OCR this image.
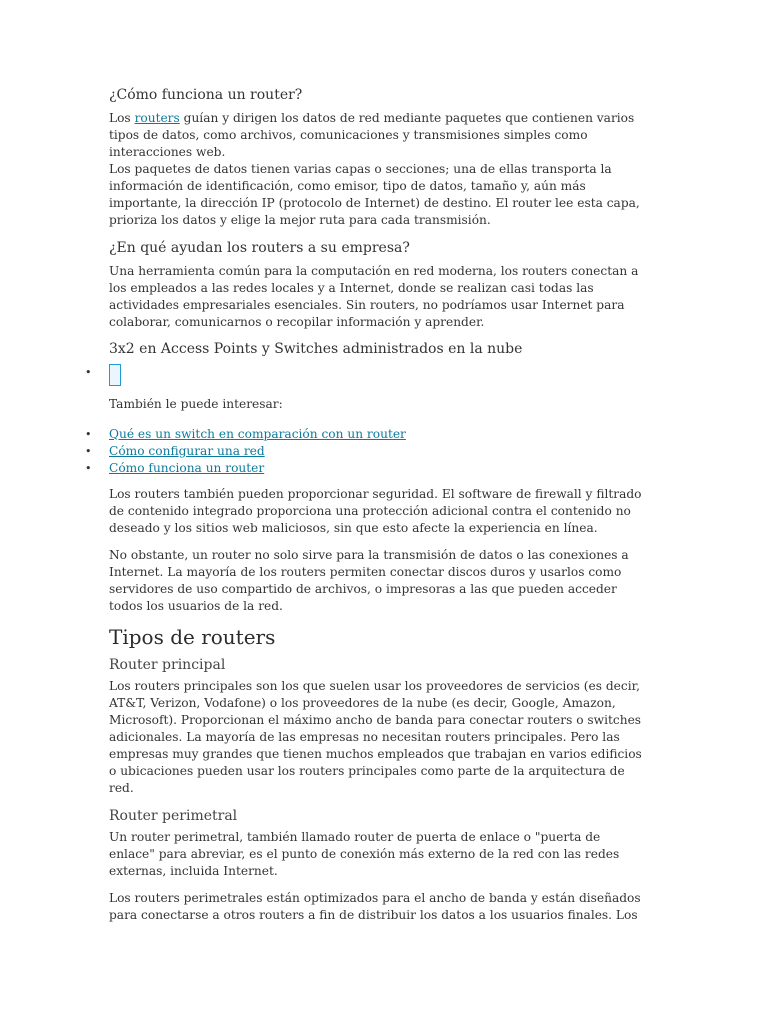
¿Cómo funciona un router?

Los routers guían y dirigen los datos de red mediante paquetes que contienen varios tipos de datos, como archivos, comunicaciones y transmisiones simples como interacciones web.

Los paquetes de datos tienen varias capas o secciones; una de ellas transporta la información de identificación, como emisor, tipo de datos, tamaño y, aún más importante, la dirección IP (protocolo de Internet) de destino. El router lee esta capa, prioriza los datos y elige la mejor ruta para cada transmisión.

¿En qué ayudan los routers a su empresa?

Una herramienta común para la computación en red moderna, los routers conectan a los empleados a las redes locales y a Internet, donde se realizan casi todas las actividades empresariales esenciales. Sin routers, no podríamos usar Internet para colaborar, comunicarnos o recopilar información y aprender.

3x2 en Access Points y Switches administrados en la nube
•

También le puede interesar:

• Qué es un switch en comparación con un router
• Cómo configurar una red
• Cómo funciona un router

Los routers también pueden proporcionar seguridad. El software de firewall y filtrado de contenido integrado proporciona una protección adicional contra el contenido no deseado y los sitios web maliciosos, sin que esto afecte la experiencia en línea.

No obstante, un router no solo sirve para la transmisión de datos o las conexiones a Internet. La mayoría de los routers permiten conectar discos duros y usarlos como servidores de uso compartido de archivos, o impresoras a las que pueden acceder todos los usuarios de la red.

Tipos de routers
Router principal

Los routers principales son los que suelen usar los proveedores de servicios (es decir, AT&T, Verizon, Vodafone) o los proveedores de la nube (es decir, Google, Amazon, Microsoft). Proporcionan el máximo ancho de banda para conectar routers o switches adicionales. La mayoría de las empresas no necesitan routers principales. Pero las empresas muy grandes que tienen muchos empleados que trabajan en varios edificios o ubicaciones pueden usar los routers principales como parte de la arquitectura de red.

Router perimetral

Un router perimetral, también llamado router de puerta de enlace o "puerta de enlace" para abreviar, es el punto de conexión más externo de la red con las redes externas, incluida Internet.

Los routers perimetrales están optimizados para el ancho de banda y están diseñados para conectarse a otros routers a fin de distribuir los datos a los usuarios finales. Los
